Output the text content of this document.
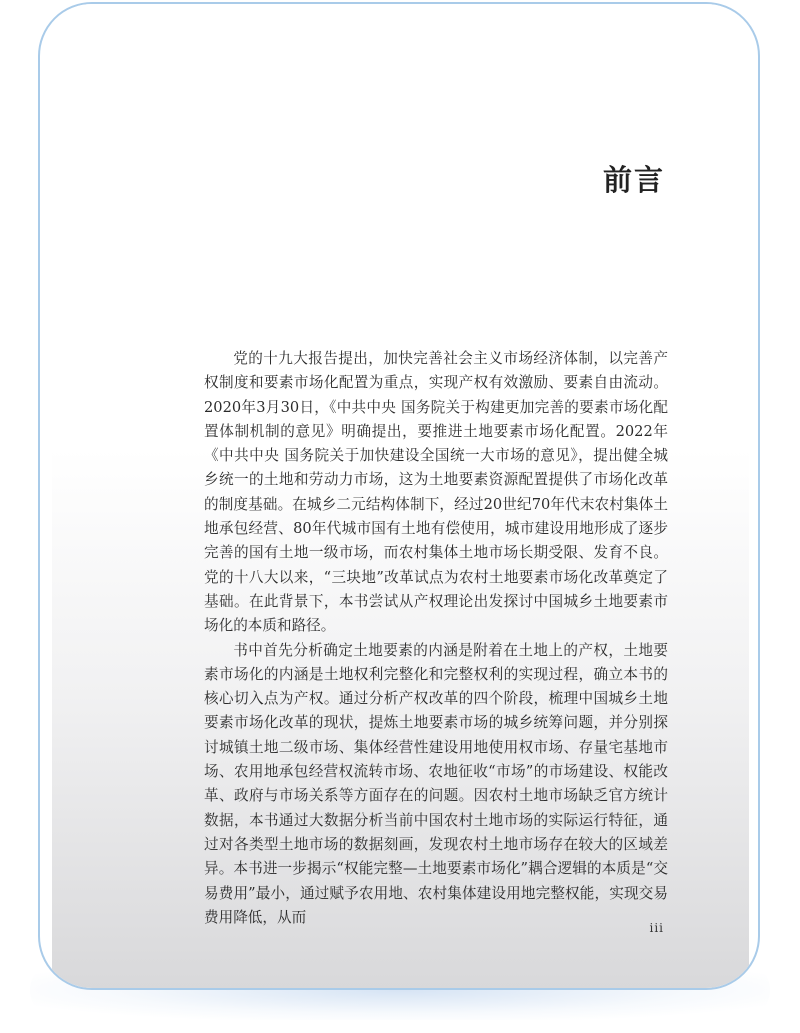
前言

党的十九大报告提出，加快完善社会主义市场经济体制，以完善产权制度和要素市场化配置为重点，实现产权有效激励、要素自由流动。2020年3月30日，《中共中央 国务院关于构建更加完善的要素市场化配置体制机制的意见》明确提出，要推进土地要素市场化配置。2022年《中共中央 国务院关于加快建设全国统一大市场的意见》，提出健全城乡统一的土地和劳动力市场，这为土地要素资源配置提供了市场化改革的制度基础。在城乡二元结构体制下，经过20世纪70年代末农村集体土地承包经营、80年代城市国有土地有偿使用，城市建设用地形成了逐步完善的国有土地一级市场，而农村集体土地市场长期受限、发育不良。党的十八大以来，“三块地”改革试点为农村土地要素市场化改革奠定了基础。在此背景下，本书尝试从产权理论出发探讨中国城乡土地要素市场化的本质和路径。

书中首先分析确定土地要素的内涵是附着在土地上的产权，土地要素市场化的内涵是土地权利完整化和完整权利的实现过程，确立本书的核心切入点为产权。通过分析产权改革的四个阶段，梳理中国城乡土地要素市场化改革的现状，提炼土地要素市场的城乡统筹问题，并分别探讨城镇土地二级市场、集体经营性建设用地使用权市场、存量宅基地市场、农用地承包经营权流转市场、农地征收“市场”的市场建设、权能改革、政府与市场关系等方面存在的问题。因农村土地市场缺乏官方统计数据，本书通过大数据分析当前中国农村土地市场的实际运行特征，通过对各类型土地市场的数据刻画，发现农村土地市场存在较大的区域差异。本书进一步揭示“权能完整—土地要素市场化”耦合逻辑的本质是“交易费用”最小，通过赋予农用地、农村集体建设用地完整权能，实现交易费用降低，从而

iii
